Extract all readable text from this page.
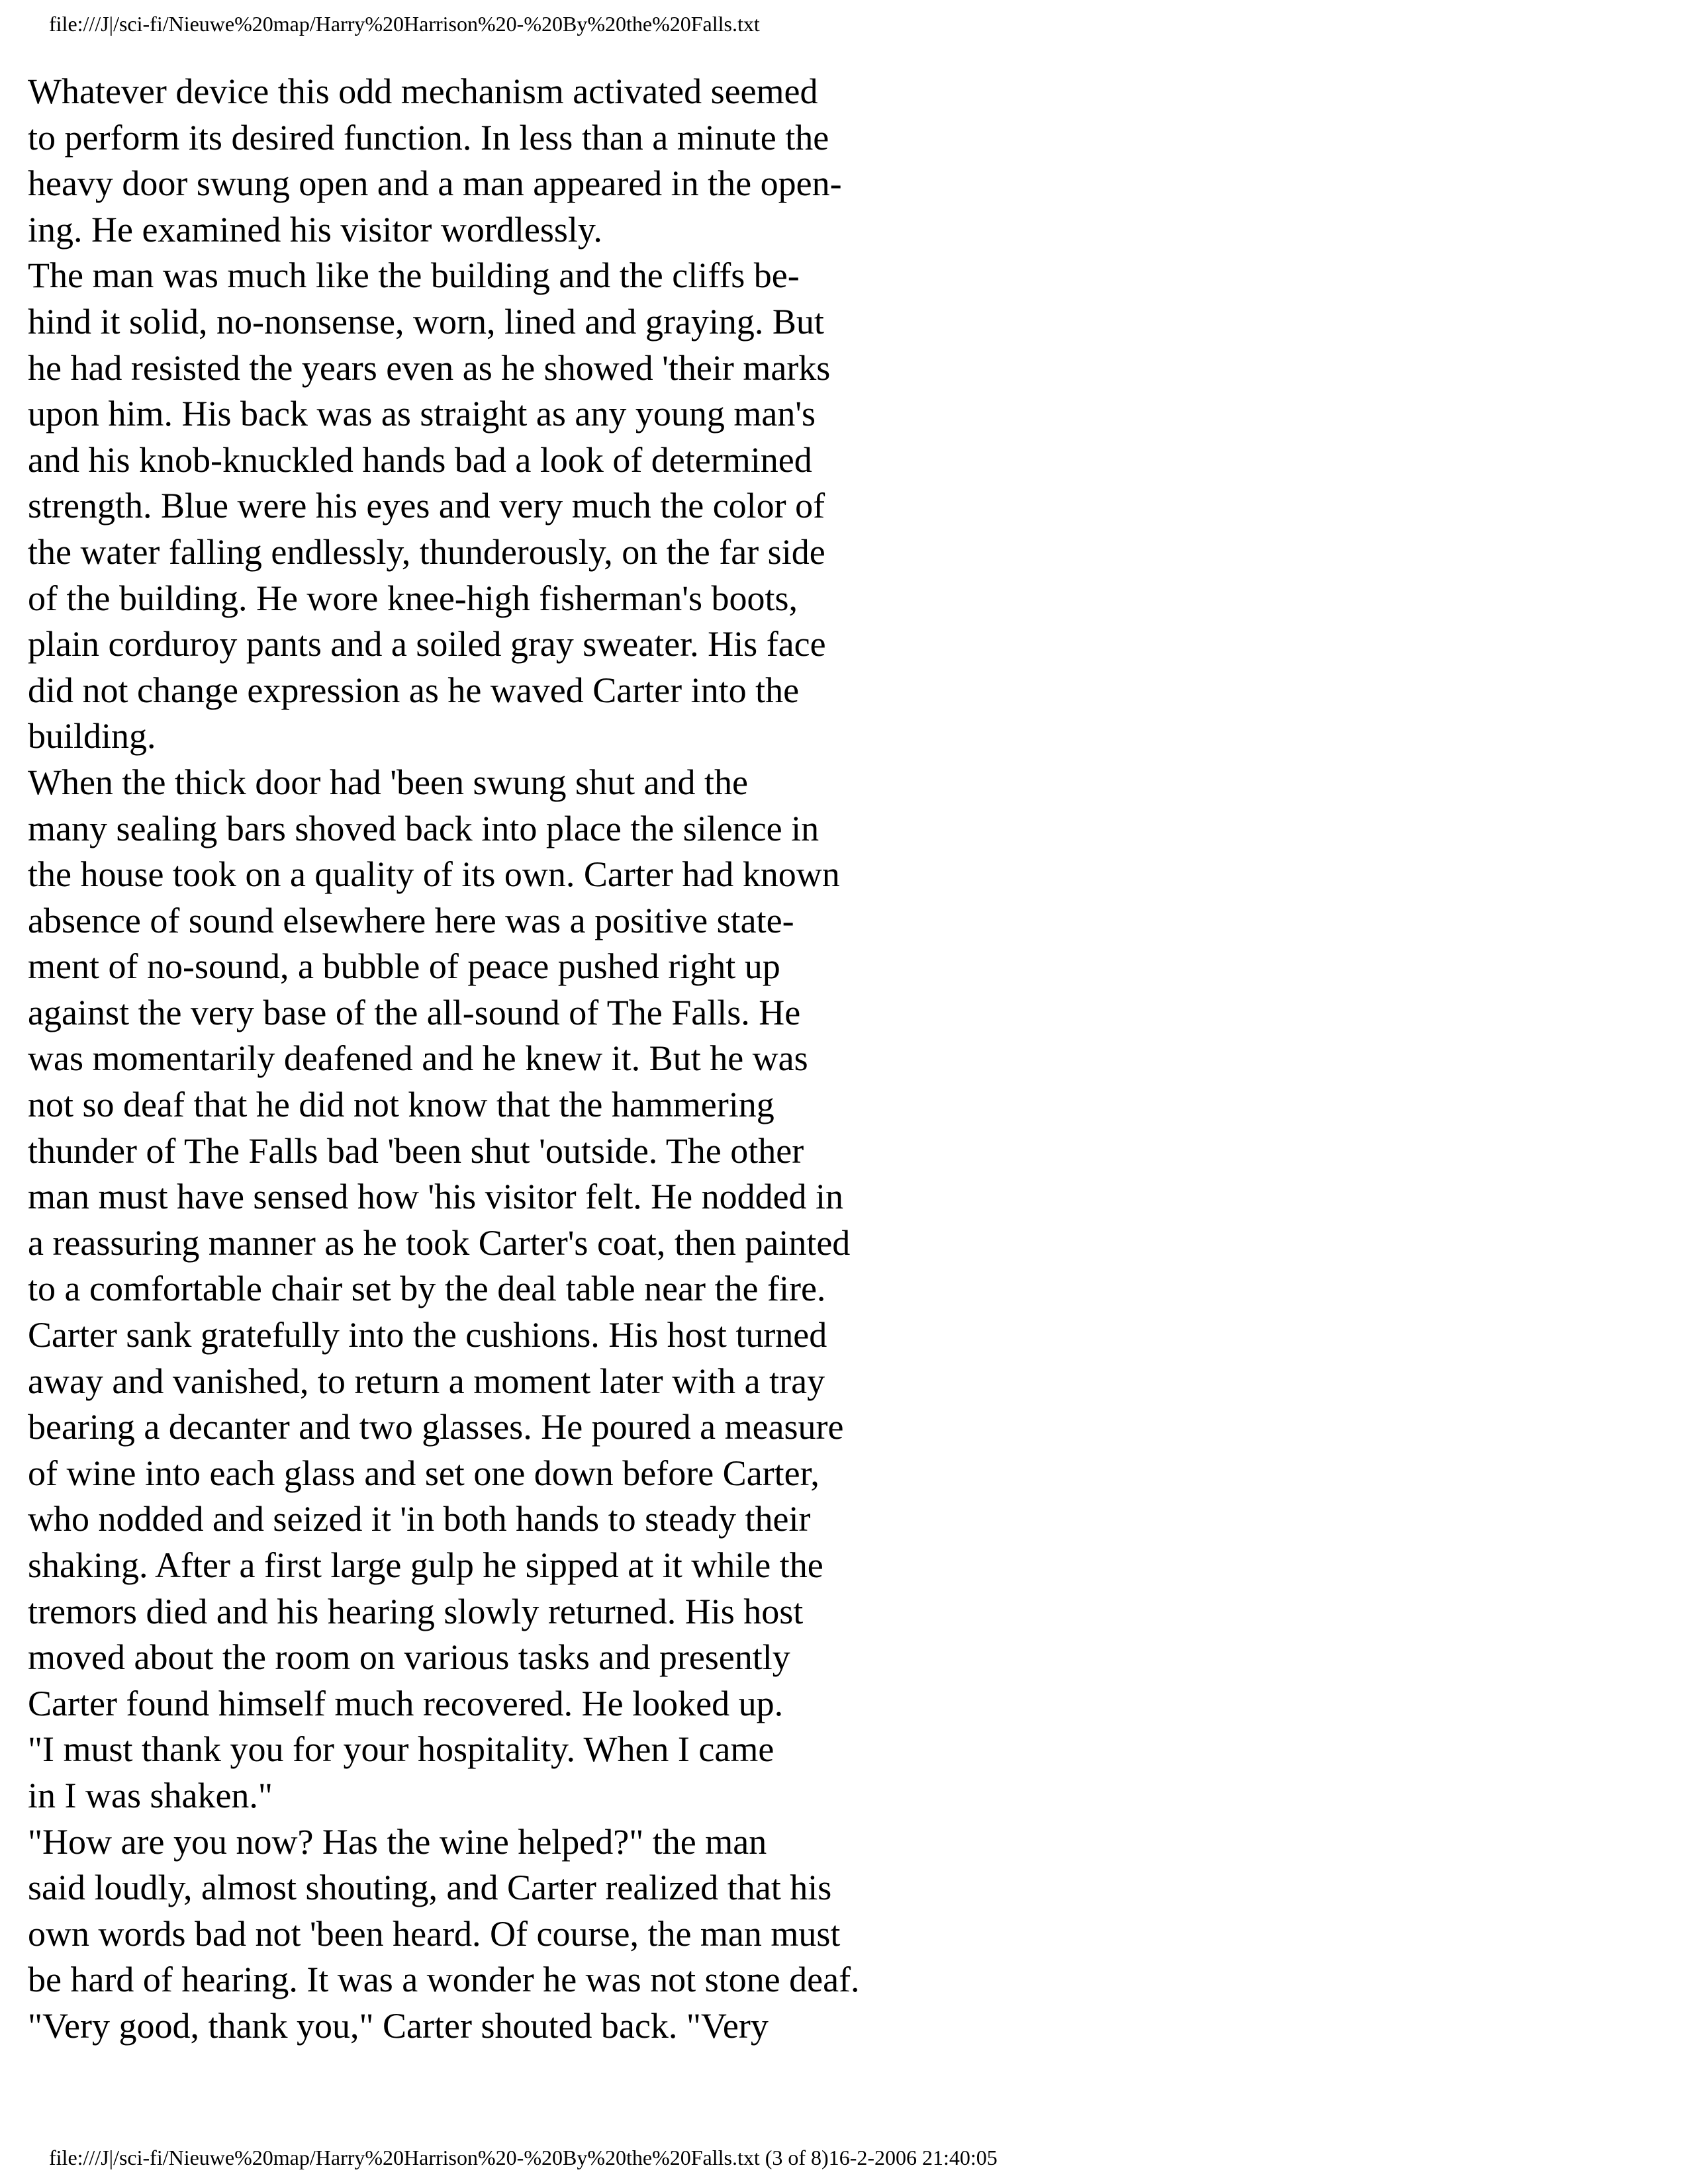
file:///J|/sci-fi/Nieuwe%20map/Harry%20Harrison%20-%20By%20the%20Falls.txt
Whatever device this odd mechanism activated seemed
to perform its desired function. In less than a minute the
heavy door swung open and a man appeared in the open-
ing. He examined his visitor wordlessly.
The man was much like the building and the cliffs be-
hind it solid, no-nonsense, worn, lined and graying. But
he had resisted the years even as he showed 'their marks
upon him. His back was as straight as any young man's
and his knob-knuckled hands bad a look of determined
strength. Blue were his eyes and very much the color of
the water falling endlessly, thunderously, on the far side
of the building. He wore knee-high fisherman's boots,
plain corduroy pants and a soiled gray sweater. His face
did not change expression as he waved Carter into the
building.
When the thick door had 'been swung shut and the
many sealing bars shoved back into place the silence in
the house took on a quality of its own. Carter had known
absence of sound elsewhere here was a positive state-
ment of no-sound, a bubble of peace pushed right up
against the very base of the all-sound of The Falls. He
was momentarily deafened and he knew it. But he was
not so deaf that he did not know that the hammering
thunder of The Falls bad 'been shut 'outside. The other
man must have sensed how 'his visitor felt. He nodded in
a reassuring manner as he took Carter's coat, then painted
to a comfortable chair set by the deal table near the fire.
Carter sank gratefully into the cushions. His host turned
away and vanished, to return a moment later with a tray
bearing a decanter and two glasses. He poured a measure
of wine into each glass and set one down before Carter,
who nodded and seized it 'in both hands to steady their
shaking. After a first large gulp he sipped at it while the
tremors died and his hearing slowly returned. His host
moved about the room on various tasks and presently
Carter found himself much recovered. He looked up.
"I must thank you for your hospitality. When I came
in I was shaken."
"How are you now? Has the wine helped?" the man
said loudly, almost shouting, and Carter realized that his
own words bad not 'been heard. Of course, the man must
be hard of hearing. It was a wonder he was not stone deaf.
"Very good, thank you," Carter shouted back. "Very
file:///J|/sci-fi/Nieuwe%20map/Harry%20Harrison%20-%20By%20the%20Falls.txt (3 of 8)16-2-2006 21:40:05
